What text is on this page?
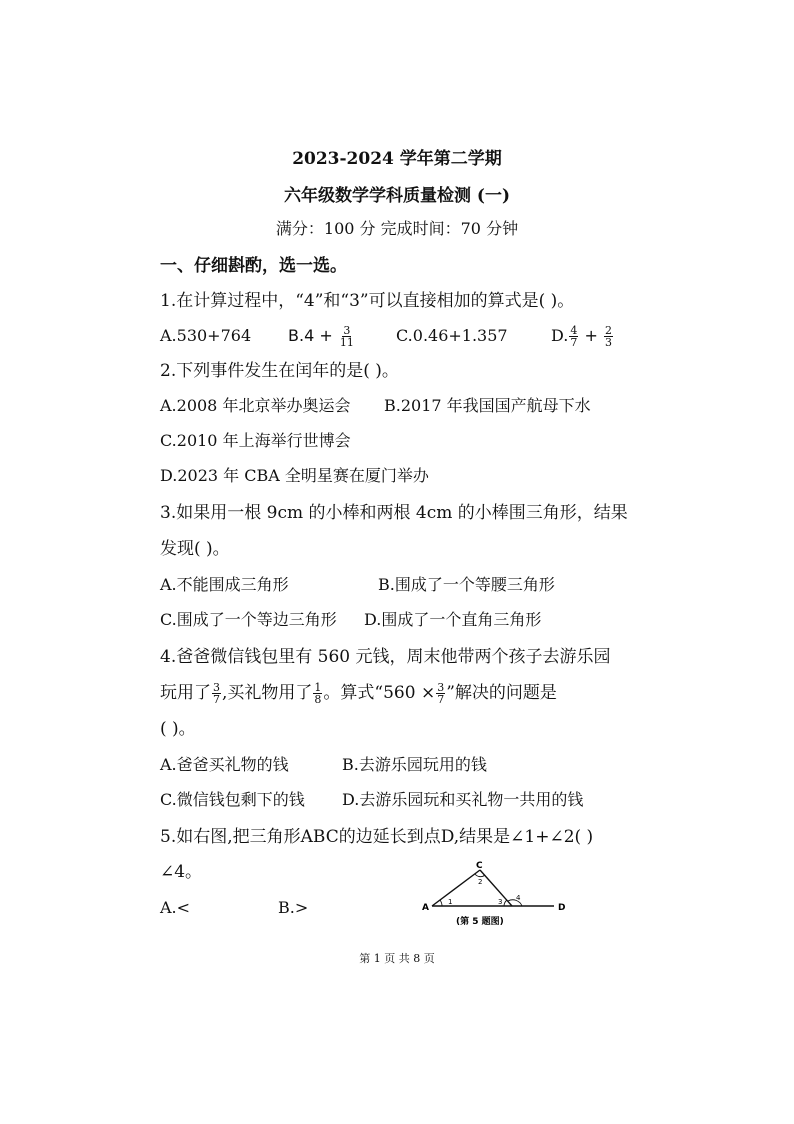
2023-2024 学年第二学期
六年级数学学科质量检测 (一)
满分：100 分 完成时间：70 分钟
一、仔细斟酌，选一选。
1.在计算过程中，“4”和“3”可以直接相加的算式是( )。
A.530+764 $B.4 + \frac{3}{11}$	C.0.46+1.357	D. $\frac{4}{7} + \frac{2}{3}$
2.下列事件发生在闰年的是( )。
A.2008 年北京举办奥运会 B.2017 年我国国产航母下水
C.2010 年上海举行世博会
D.2023 年 CBA 全明星赛在厦门举办
3.如果用一根 9cm 的小棒和两根 4cm 的小棒围三角形，结果
发现( )。
A.不能围成三角形	B.围成了一个等腰三角形
C.围成了一个等边三角形 D.围成了一个直角三角形
4.爸爸微信钱包里有 560 元钱，周末他带两个孩子去游乐园
玩用了 $\frac{3}{7}$ ,买礼物用了 $\frac{1}{8}$ 。算式“$560 \times \frac{3}{7}$ ”解决的问题是
( )。
A.爸爸买礼物的钱	B.去游乐园玩用的钱
C.微信钱包剩下的钱 D.去游乐园玩和买礼物一共用的钱
5.如右图,把三角形ABC的边延长到点D,结果是∠1+∠2( )
∠4。
A.<	B.>	A
C
D
1
2
3 4
(第 5 题图)
第 1 页 共 8 页
